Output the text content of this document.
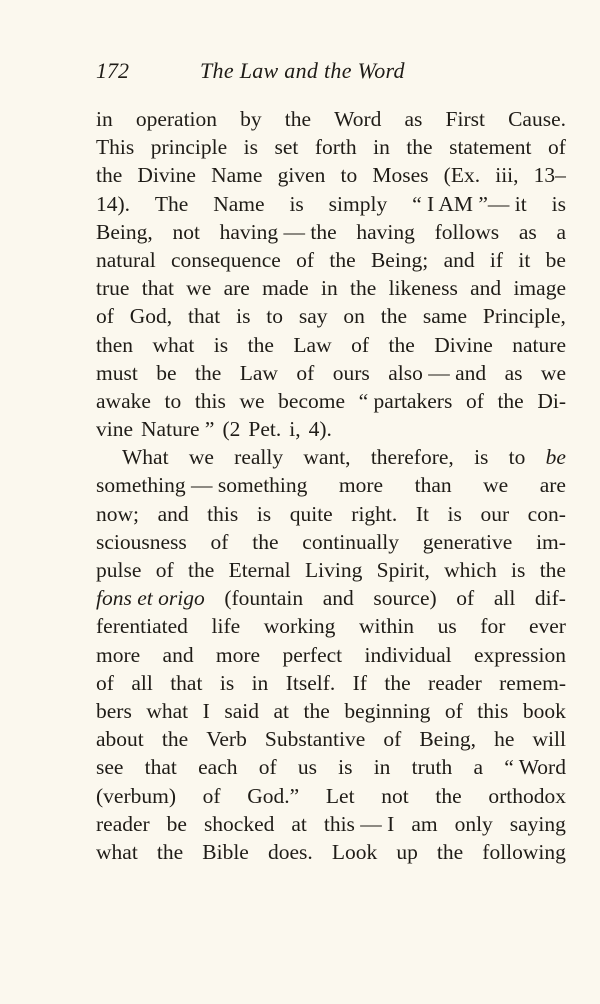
172	The Law and the Word
in operation by the Word as First Cause.
This principle is set forth in the statement of
the Divine Name given to Moses (Ex. iii, 13–
14). The Name is simply “ I AM ”— it is
Being, not having — the having follows as a
natural consequence of the Being; and if it be
true that we are made in the likeness and image
of God, that is to say on the same Principle,
then what is the Law of the Divine nature
must be the Law of ours also — and as we
awake to this we become “ partakers of the Di-
vine Nature ” (2 Pet. i, 4).
What we really want, therefore, is to be
something — something more than we are
now; and this is quite right. It is our con-
sciousness of the continually generative im-
pulse of the Eternal Living Spirit, which is the
fons et origo (fountain and source) of all dif-
ferentiated life working within us for ever
more and more perfect individual expression
of all that is in Itself. If the reader remem-
bers what I said at the beginning of this book
about the Verb Substantive of Being, he will
see that each of us is in truth a “ Word
(verbum) of God.” Let not the orthodox
reader be shocked at this — I am only saying
what the Bible does. Look up the following
